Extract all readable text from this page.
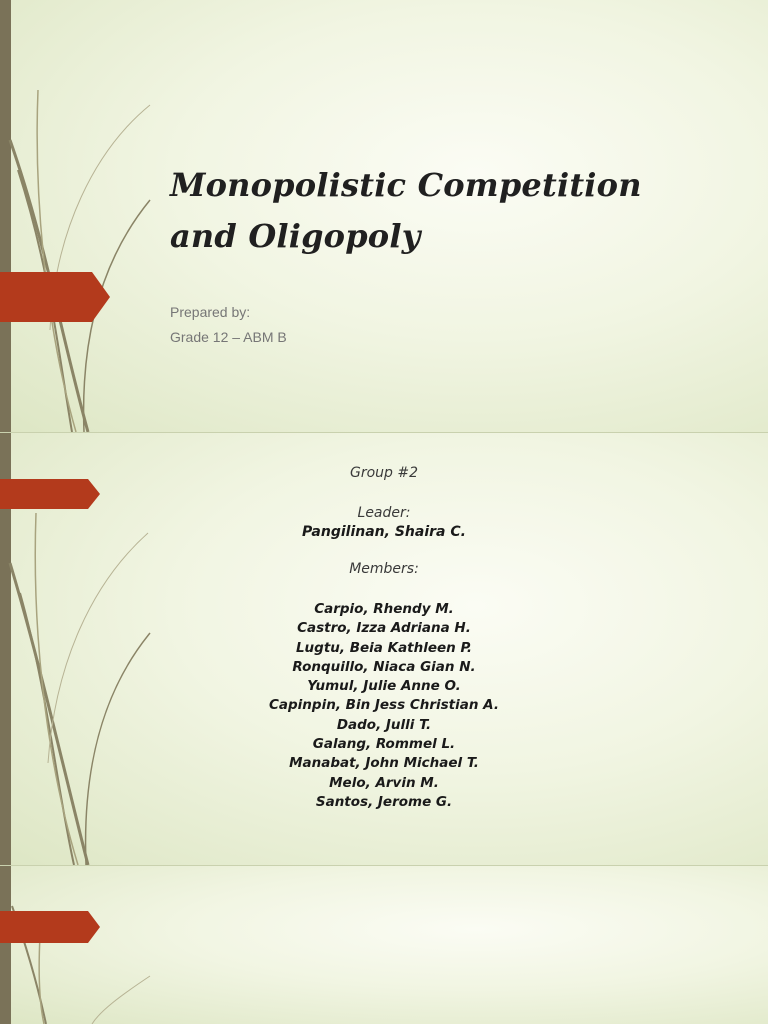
Monopolistic Competition
and Oligopoly
Prepared by:
Grade 12 – ABM B
Group #2
Leader:
Pangilinan, Shaira C.
Members:
Carpio, Rhendy M.
Castro, Izza Adriana H.
Lugtu, Beia Kathleen P.
Ronquillo, Niaca Gian N.
Yumul, Julie Anne O.
Capinpin, Bin Jess Christian A.
Dado, Julli T.
Galang, Rommel L.
Manabat, John Michael T.
Melo, Arvin M.
Santos, Jerome G.
